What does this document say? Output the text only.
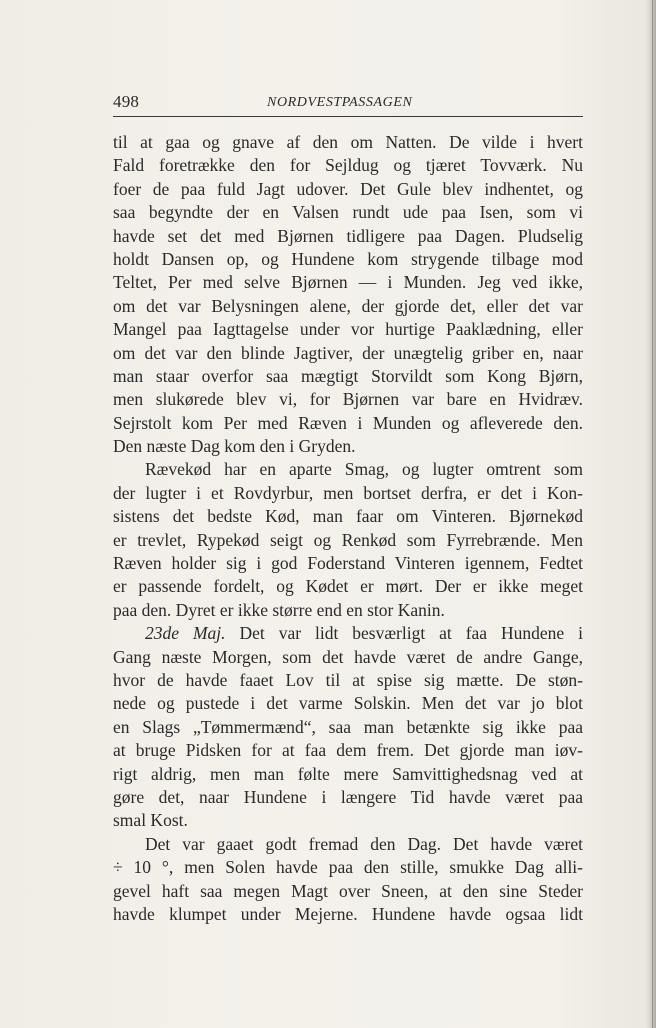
498	NORDVESTPASSAGEN
til at gaa og gnave af den om Natten. De vilde i hvert
Fald foretrække den for Sejldug og tjæret Tovværk. Nu
foer de paa fuld Jagt udover. Det Gule blev indhentet, og
saa begyndte der en Valsen rundt ude paa Isen, som vi
havde set det med Bjørnen tidligere paa Dagen. Pludselig
holdt Dansen op, og Hundene kom strygende tilbage mod
Teltet, Per med selve Bjørnen — i Munden. Jeg ved ikke,
om det var Belysningen alene, der gjorde det, eller det var
Mangel paa Iagttagelse under vor hurtige Paaklædning, eller
om det var den blinde Jagtiver, der unægtelig griber en, naar
man staar overfor saa mægtigt Storvildt som Kong Bjørn,
men slukørede blev vi, for Bjørnen var bare en Hvidræv.
Sejrstolt kom Per med Ræven i Munden og afleverede den.
Den næste Dag kom den i Gryden.
Rævekød har en aparte Smag, og lugter omtrent som
der lugter i et Rovdyrbur, men bortset derfra, er det i Kon-
sistens det bedste Kød, man faar om Vinteren. Bjørnekød
er trevlet, Rypekød seigt og Renkød som Fyrrebrænde. Men
Ræven holder sig i god Foderstand Vinteren igennem, Fedtet
er passende fordelt, og Kødet er mørt. Der er ikke meget
paa den. Dyret er ikke større end en stor Kanin.
23de Maj. Det var lidt besværligt at faa Hundene i
Gang næste Morgen, som det havde været de andre Gange,
hvor de havde faaet Lov til at spise sig mætte. De støn-
nede og pustede i det varme Solskin. Men det var jo blot
en Slags „Tømmermænd“, saa man betænkte sig ikke paa
at bruge Pidsken for at faa dem frem. Det gjorde man iøv-
rigt aldrig, men man følte mere Samvittighedsnag ved at
gøre det, naar Hundene i længere Tid havde været paa
smal Kost.
Det var gaaet godt fremad den Dag. Det havde været
÷ 10 °, men Solen havde paa den stille, smukke Dag alli-
gevel haft saa megen Magt over Sneen, at den sine Steder
havde klumpet under Mejerne. Hundene havde ogsaa lidt
